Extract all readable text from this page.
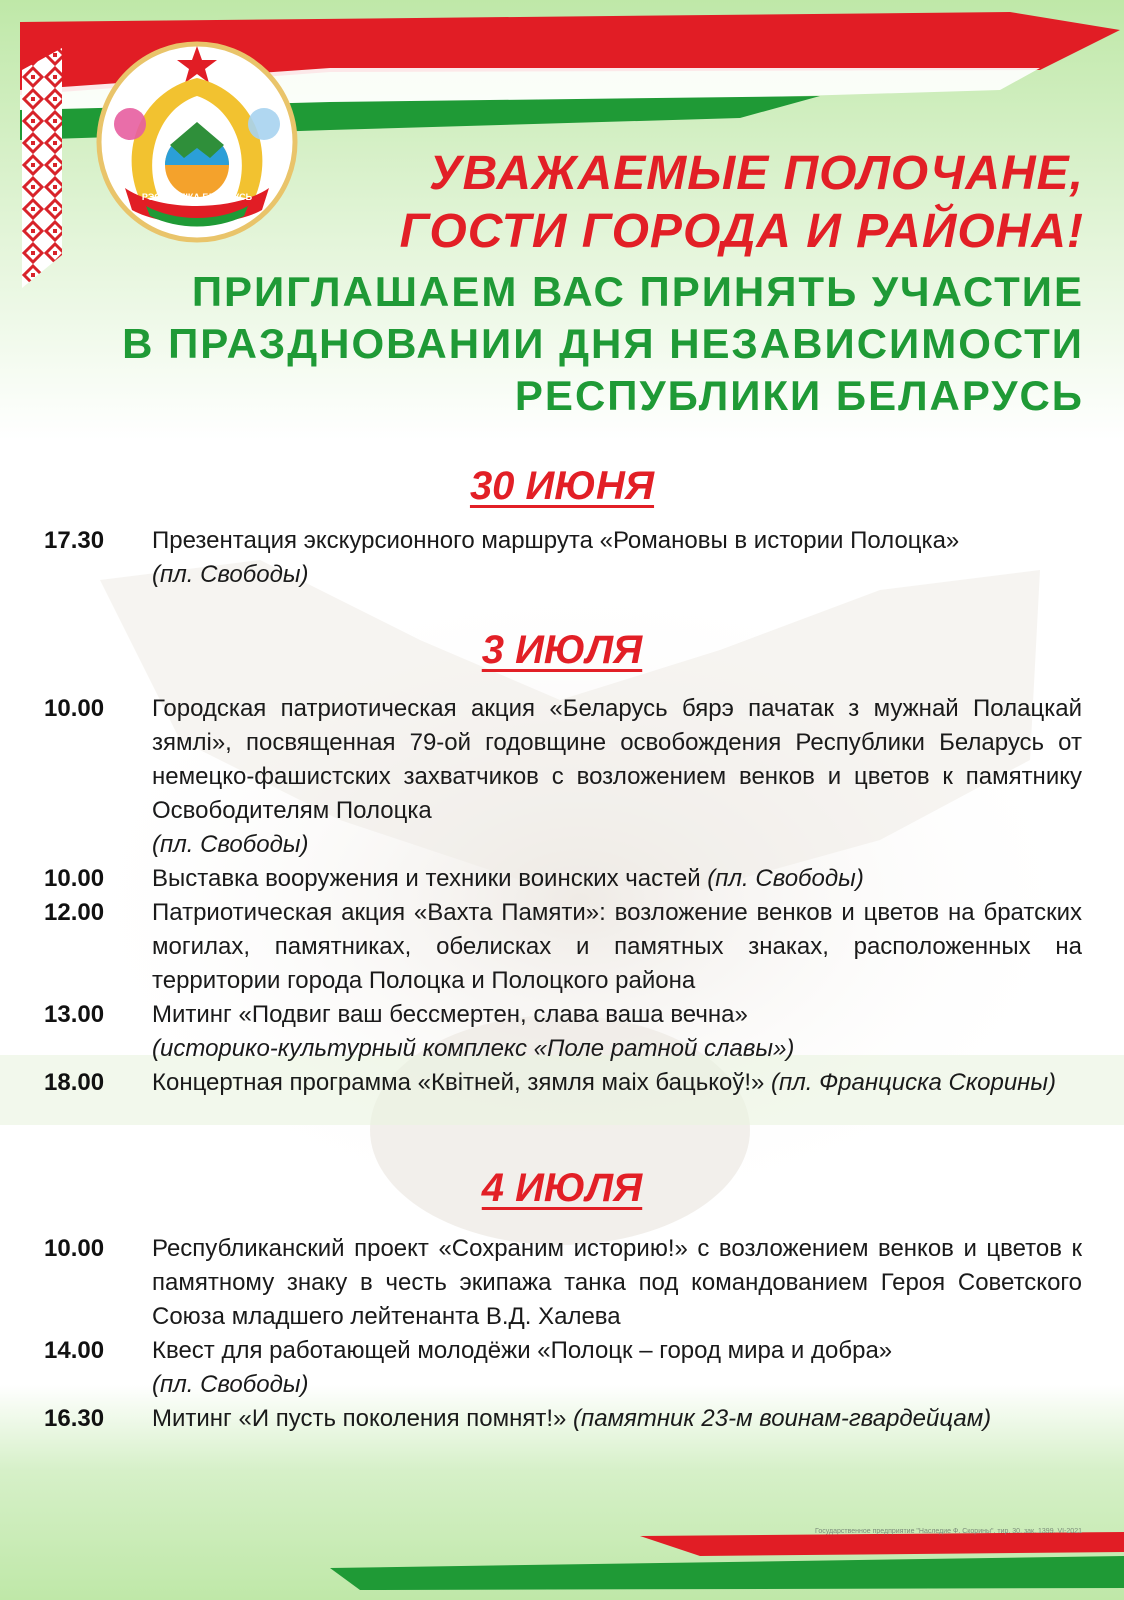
РЭСПУБЛІКА БЕЛАРУСЬ	УВАЖАЕМЫЕ ПОЛОЧАНЕ,
ГОСТИ ГОРОДА И РАЙОНА!
ПРИГЛАШАЕМ ВАС ПРИНЯТЬ УЧАСТИЕ
В ПРАЗДНОВАНИИ ДНЯ НЕЗАВИСИМОСТИ
РЕСПУБЛИКИ БЕЛАРУСЬ
30 ИЮНЯ
17.30	Презентация экскурсионного маршрута «Романовы в истории Полоцка»
(пл. Свободы)
3 ИЮЛЯ
10.00	Городская патриотическая акция «Беларусь бярэ пачатак з мужнай Полацкай зямлі», посвященная 79-ой годовщине освобождения Республики Беларусь от немецко-фашистских захватчиков с возложением венков и цветов к памятнику Освободителям Полоцка
(пл. Свободы)
10.00	Выставка вооружения и техники воинских частей (пл. Свободы)
12.00	Патриотическая акция «Вахта Памяти»: возложение венков и цветов на братских могилах, памятниках, обелисках и памятных знаках, расположенных на территории города Полоцка и Полоцкого района
13.00	Митинг «Подвиг ваш бессмертен, слава ваша вечна»
(историко-культурный комплекс «Поле ратной славы»)
18.00	Концертная программа «Квітней, зямля маіх бацькоў!» (пл. Франциска Скорины)
4 ИЮЛЯ
10.00	Республиканский проект «Сохраним историю!» с возложением венков и цветов к памятному знаку в честь экипажа танка под командованием Героя Советского Союза младшего лейтенанта В.Д. Халева
14.00	Квест для работающей молодёжи «Полоцк – город мира и добра»
(пл. Свободы)
16.30	Митинг «И пусть поколения помнят!» (памятник 23-м воинам-гвардейцам)
Государственное предприятие "Наследие Ф. Скорины". тир. 30. зак. 1399. VI-2021
